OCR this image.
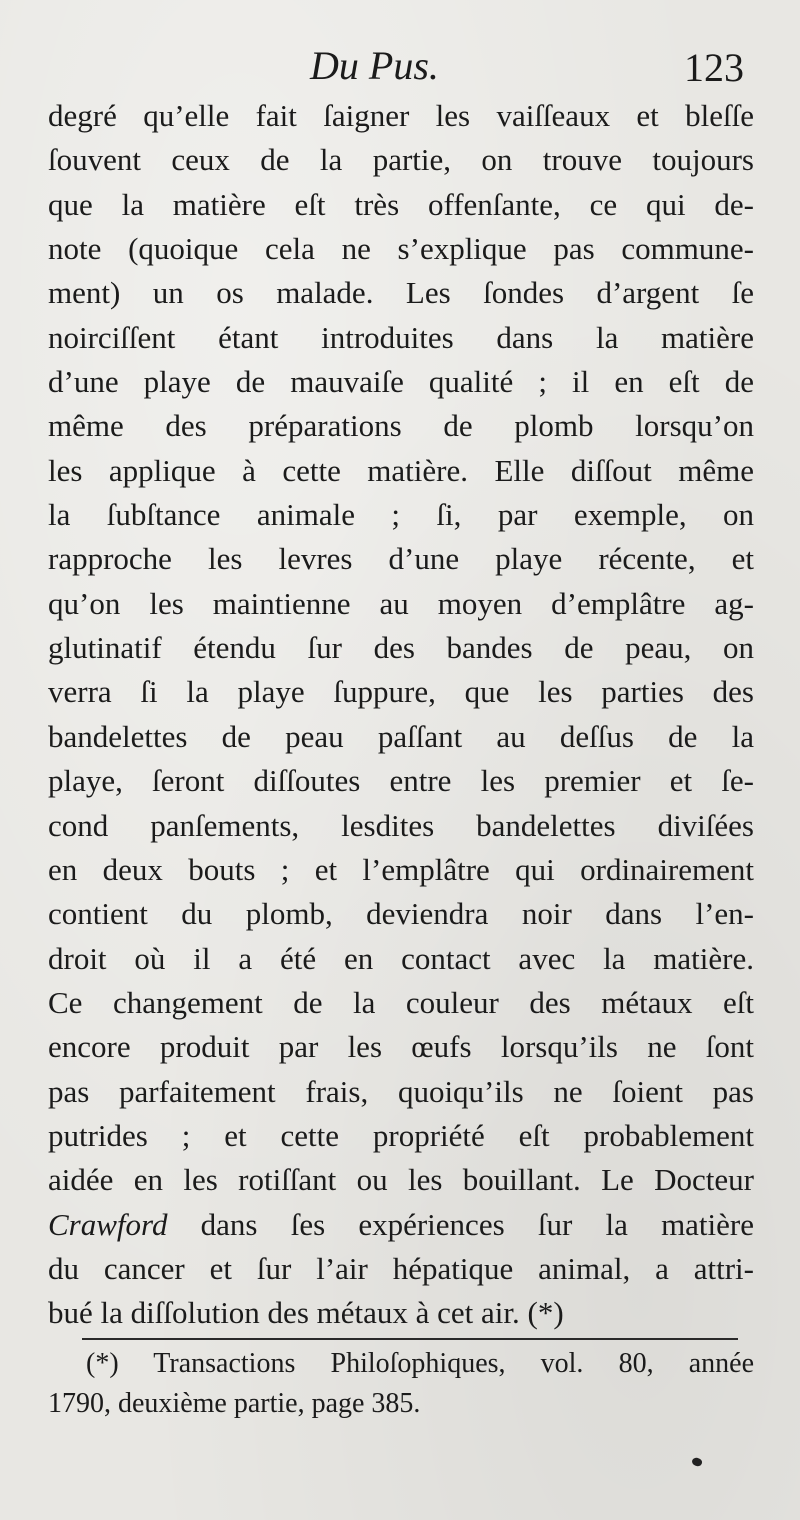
Du Pus.	123
degré qu’elle fait ſaigner les vaiſſeaux et bleſſe
ſouvent ceux de la partie, on trouve toujours
que la matière eſt très offenſante, ce qui de-
note (quoique cela ne s’explique pas commune-
ment) un os malade. Les ſondes d’argent ſe
noirciſſent étant introduites dans la matière
d’une playe de mauvaiſe qualité ; il en eſt de
même des préparations de plomb lorsqu’on
les applique à cette matière. Elle diſſout même
la ſubſtance animale ; ſi, par exemple, on
rapproche les levres d’une playe récente, et
qu’on les maintienne au moyen d’emplâtre ag-
glutinatif étendu ſur des bandes de peau, on
verra ſi la playe ſuppure, que les parties des
bandelettes de peau paſſant au deſſus de la
playe, ſeront diſſoutes entre les premier et ſe-
cond panſements, lesdites bandelettes diviſées
en deux bouts ; et l’emplâtre qui ordinairement
contient du plomb, deviendra noir dans l’en-
droit où il a été en contact avec la matière.
Ce changement de la couleur des métaux eſt
encore produit par les œufs lorsqu’ils ne ſont
pas parfaitement frais, quoiqu’ils ne ſoient pas
putrides ; et cette propriété eſt probablement
aidée en les rotiſſant ou les bouillant. Le Docteur
Crawford dans ſes expériences ſur la matière
du cancer et ſur l’air hépatique animal, a attri-
bué la diſſolution des métaux à cet air. (*)
(*) Transactions Philoſophiques, vol. 80, année
1790, deuxième partie, page 385.
